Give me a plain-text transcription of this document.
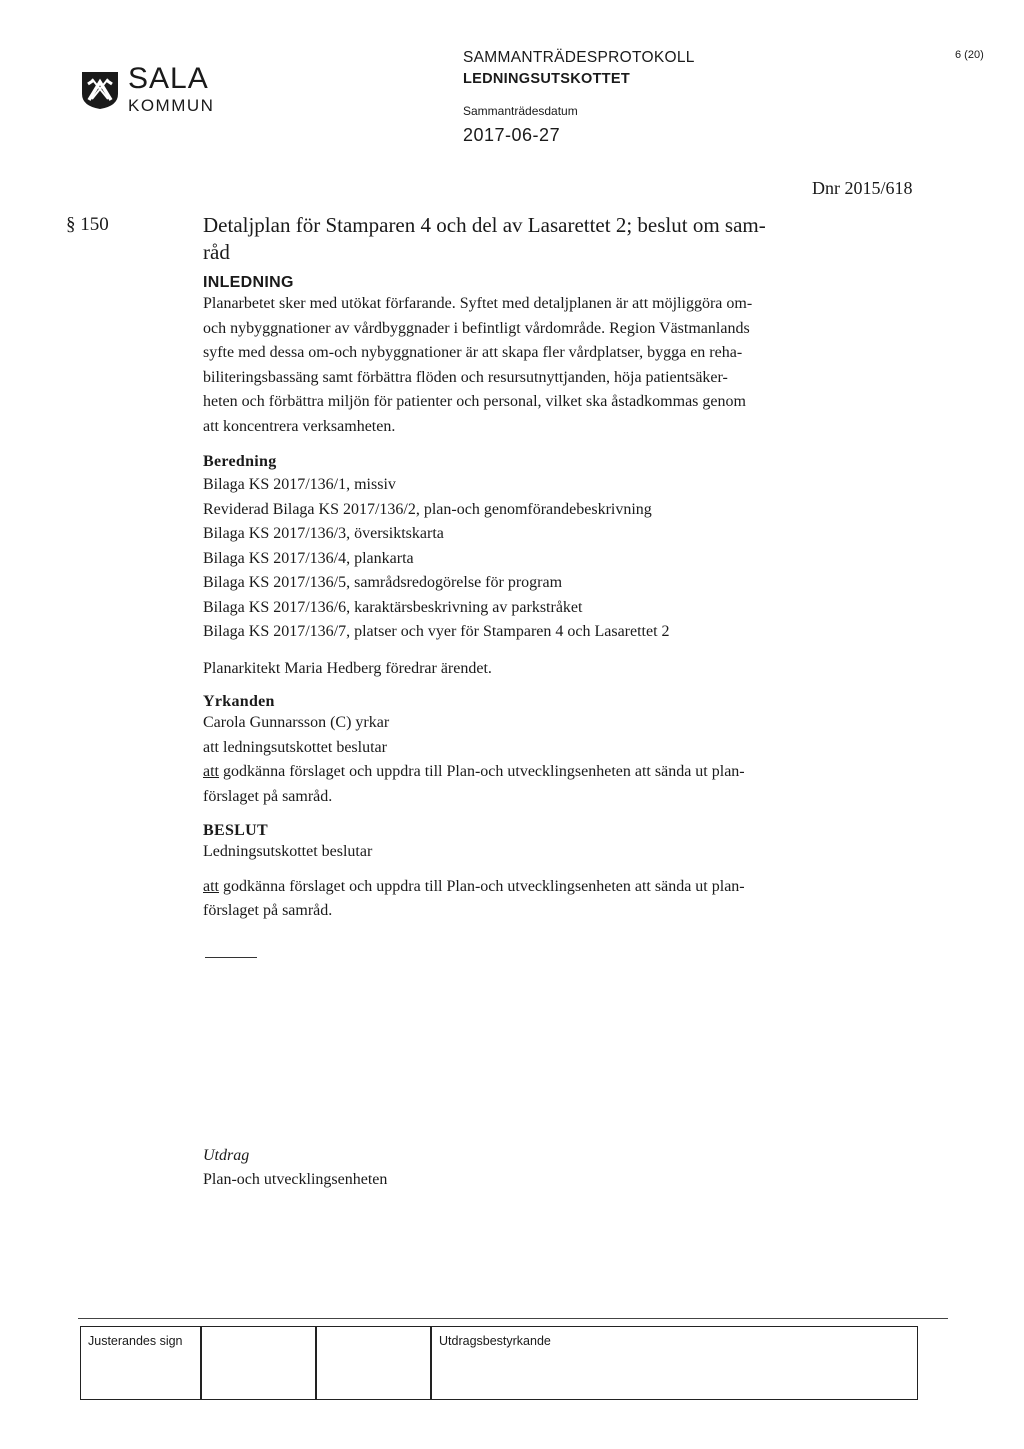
SALA
KOMMUN
SAMMANTRÄDESPROTOKOLL
LEDNINGSUTSKOTTET
Sammanträdesdatum
2017-06-27
6 (20)
Dnr 2015/618
§ 150	Detaljplan för Stamparen 4 och del av Lasarettet 2; beslut om sam-
råd
INLEDNING
Planarbetet sker med utökat förfarande. Syftet med detaljplanen är att möjliggöra om-
och nybyggnationer av vårdbyggnader i befintligt vårdområde. Region Västmanlands
syfte med dessa om-och nybyggnationer är att skapa fler vårdplatser, bygga en reha-
biliteringsbassäng samt förbättra flöden och resursutnyttjanden, höja patientsäker-
heten och förbättra miljön för patienter och personal, vilket ska åstadkommas genom
att koncentrera verksamheten.
Beredning
Bilaga KS 2017/136/1, missiv
Reviderad Bilaga KS 2017/136/2, plan-och genomförandebeskrivning
Bilaga KS 2017/136/3, översiktskarta
Bilaga KS 2017/136/4, plankarta
Bilaga KS 2017/136/5, samrådsredogörelse för program
Bilaga KS 2017/136/6, karaktärsbeskrivning av parkstråket
Bilaga KS 2017/136/7, platser och vyer för Stamparen 4 och Lasarettet 2
Planarkitekt Maria Hedberg föredrar ärendet.
Yrkanden
Carola Gunnarsson (C) yrkar
att ledningsutskottet beslutar
att godkänna förslaget och uppdra till Plan-och utvecklingsenheten att sända ut plan-
förslaget på samråd.
BESLUT
Ledningsutskottet beslutar
att godkänna förslaget och uppdra till Plan-och utvecklingsenheten att sända ut plan-
förslaget på samråd.
Utdrag
Plan-och utvecklingsenheten
Justerandes sign	Utdragsbestyrkande
